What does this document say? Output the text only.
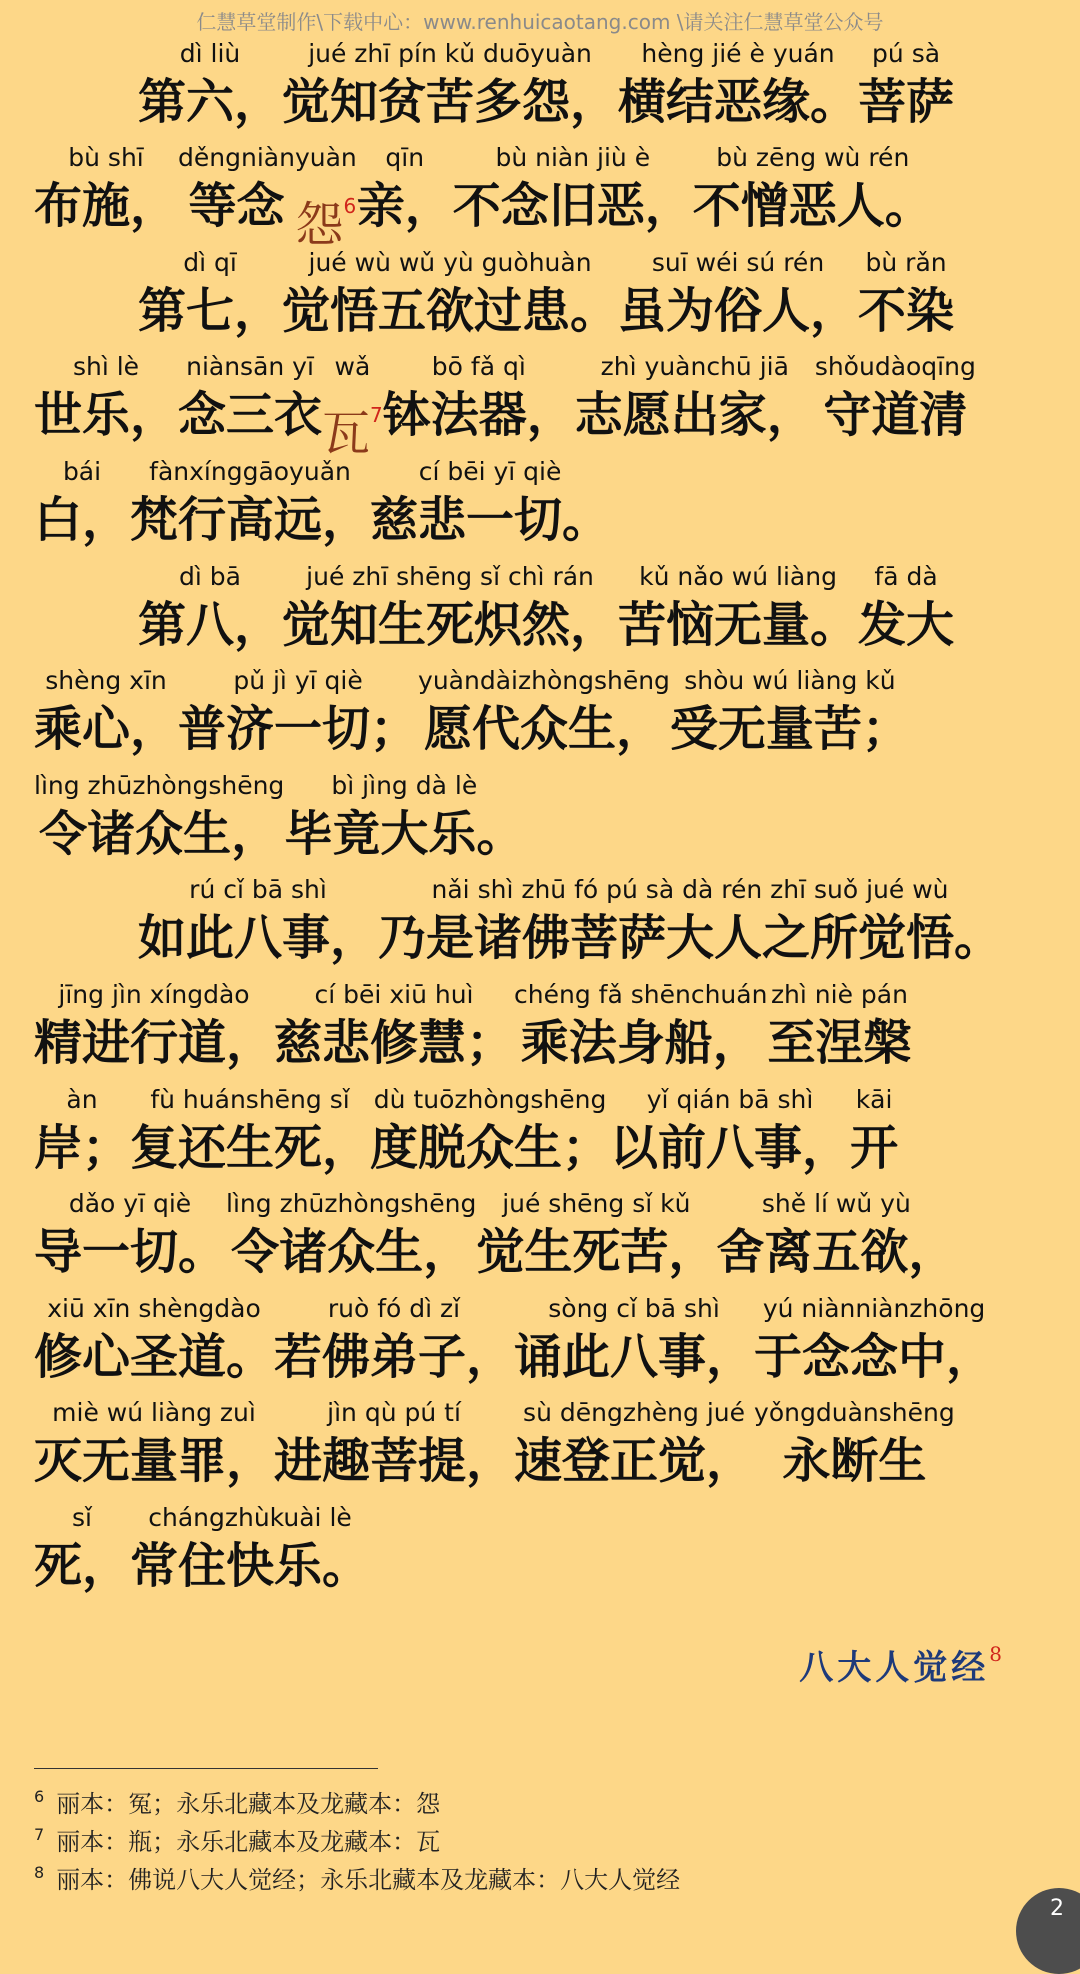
仁慧草堂制作\下载中心：www.renhuicaotang.com \请关注仁慧草堂公众号
dì liù
第六，
jué zhī pín kǔ duōyuàn
觉知贫苦多怨，
hèng jié è yuán
横结恶缘。
pú sà
菩萨
bù shī
布施，
děngniàn
等念
yuàn
怨$^6$
qīn
亲，
bù niàn jiù è
不念旧恶，
bù zēng wù rén
不憎恶人。
dì qī
第七，
jué wù wǔ yù guòhuàn
觉悟五欲过患。
suī wéi sú rén
虽为俗人，
bù rǎn
不染
shì lè
世乐，
niànsān yī
念三衣
wǎ
瓦$^7$
bō fǎ qì
钵法器，
zhì yuànchū jiā
志愿出家，
shǒudàoqīng
守道清
bái
白，
fànxínggāoyuǎn
梵行高远，
cí bēi yī qiè
慈悲一切。
dì bā
第八，
jué zhī shēng sǐ chì rán
觉知生死炽然，
kǔ nǎo wú liàng
苦恼无量。
fā dà
发大
shèng xīn
乘心，
pǔ jì yī qiè
普济一切；
yuàndàizhòngshēng
愿代众生，
shòu wú liàng kǔ
受无量苦；
lìng zhūzhòngshēng
令诸众生，
bì jìng dà lè
毕竟大乐。
rú cǐ bā shì
如此八事，
nǎi shì zhū fó pú sà dà rén zhī suǒ jué wù
乃是诸佛菩萨大人之所觉悟。
jīng jìn xíngdào
精进行道，
cí bēi xiū huì
慈悲修慧；
chéng fǎ shēnchuán
乘法身船，
zhì niè pán
至涅槃
àn
岸；
fù huánshēng sǐ
复还生死，
dù tuōzhòngshēng
度脱众生；
yǐ qián bā shì
以前八事，
kāi
开
dǎo yī qiè
导一切。
lìng zhūzhòngshēng
令诸众生，
jué shēng sǐ kǔ
觉生死苦，
shě lí wǔ yù
舍离五欲，
xiū xīn shèngdào
修心圣道。
ruò fó dì zǐ
若佛弟子，
sòng cǐ bā shì
诵此八事，
yú niànniànzhōng
于念念中，
miè wú liàng zuì
灭无量罪，
jìn qù pú tí
进趣菩提，
sù dēngzhèng jué
速登正觉，
yǒngduànshēng
永断生
sǐ
死，
chángzhùkuài lè
常住快乐。
八大人觉经$^8$
$^6$ 丽本：冤；永乐北藏本及龙藏本：怨
$^7$ 丽本：瓶；永乐北藏本及龙藏本：瓦
$^8$ 丽本：佛说八大人觉经；永乐北藏本及龙藏本：八大人觉经
2
